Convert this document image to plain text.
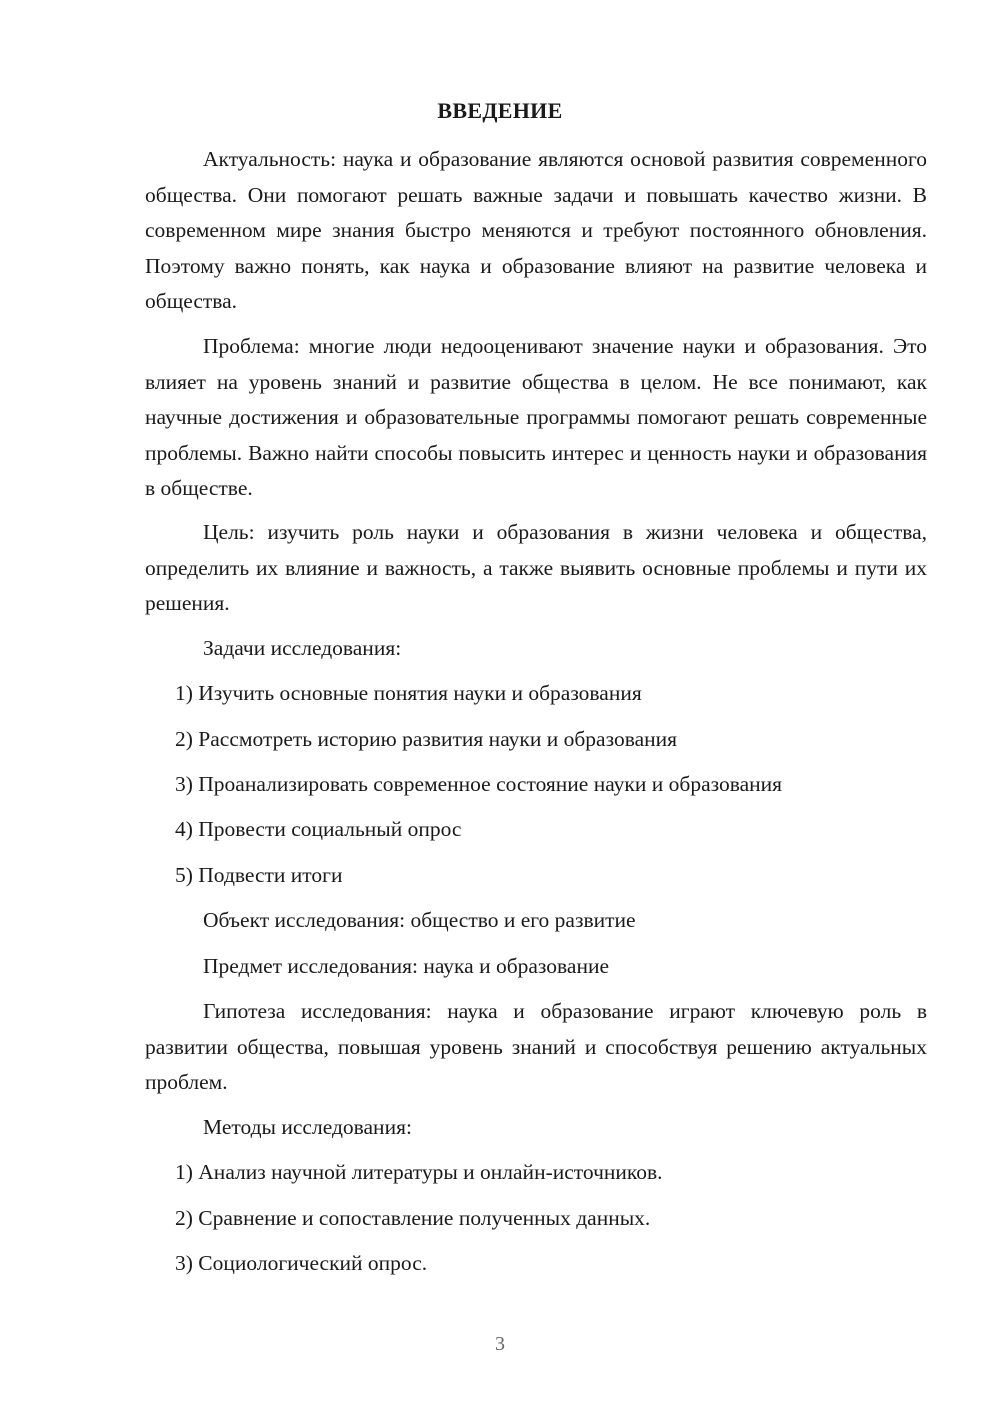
ВВЕДЕНИЕ

Актуальность: наука и образование являются основой развития современного общества. Они помогают решать важные задачи и повышать качество жизни. В современном мире знания быстро меняются и требуют постоянного обновления. Поэтому важно понять, как наука и образование влияют на развитие человека и общества.

Проблема: многие люди недооценивают значение науки и образования. Это влияет на уровень знаний и развитие общества в целом. Не все понимают, как научные достижения и образовательные программы помогают решать современные проблемы. Важно найти способы повысить интерес и ценность науки и образования в обществе.

Цель: изучить роль науки и образования в жизни человека и общества, определить их влияние и важность, а также выявить основные проблемы и пути их решения.

Задачи исследования:

1) Изучить основные понятия науки и образования

2) Рассмотреть историю развития науки и образования

3) Проанализировать современное состояние науки и образования

4) Провести социальный опрос

5) Подвести итоги

Объект исследования: общество и его развитие

Предмет исследования: наука и образование

Гипотеза исследования: наука и образование играют ключевую роль в развитии общества, повышая уровень знаний и способствуя решению актуальных проблем.

Методы исследования:

1) Анализ научной литературы и онлайн-источников.

2) Сравнение и сопоставление полученных данных.

3) Социологический опрос.

3
